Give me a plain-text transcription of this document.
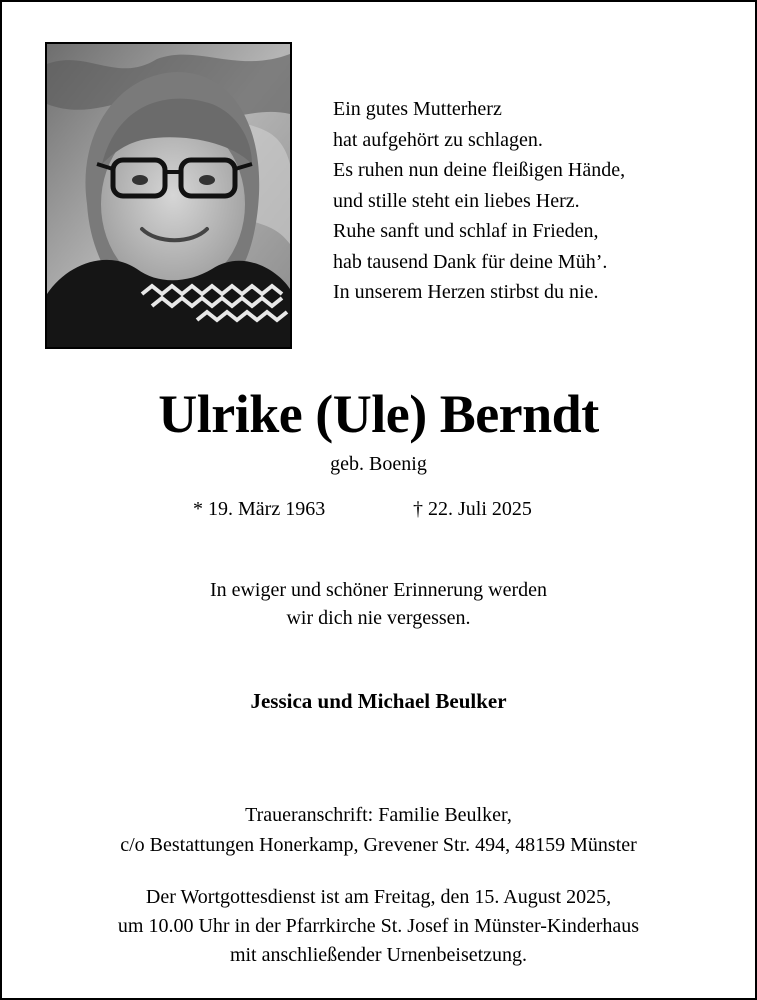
Ein gutes Mutterherz
hat aufgehört zu schlagen.
Es ruhen nun deine fleißigen Hände,
und stille steht ein liebes Herz.
Ruhe sanft und schlaf in Frieden,
hab tausend Dank für deine Müh’.
In unserem Herzen stirbst du nie.
Ulrike (Ule) Berndt
geb. Boenig
* 19. März 1963	† 22. Juli 2025
In ewiger und schöner Erinnerung werden
wir dich nie vergessen.
Jessica und Michael Beulker
Traueranschrift: Familie Beulker,
c/o Bestattungen Honerkamp, Grevener Str. 494, 48159 Münster
Der Wortgottesdienst ist am Freitag, den 15. August 2025,
um 10.00 Uhr in der Pfarrkirche St. Josef in Münster-Kinderhaus
mit anschließender Urnenbeisetzung.
